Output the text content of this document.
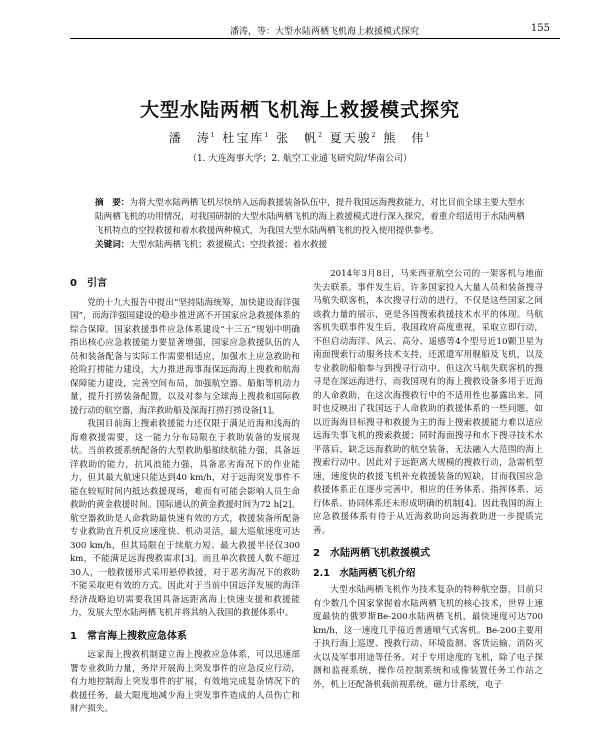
潘涛，等：大型水陆两栖飞机海上救援模式探究	155
大型水陆两栖飞机海上救援模式探究
潘　涛$^1$ 杜宝库$^1$ 张　帆$^2$ 夏天骏$^2$ 熊　伟$^1$
（1. 大连海事大学；2. 航空工业通飞研究院/华南公司）

摘　要：为将大型水陆两栖飞机尽快纳入远海救援装备队伍中，提升我国远海搜救能力，对比目前全球主要大型水陆两栖飞机的功用情况，对我国研制的大型水陆两栖飞机的海上救援模式进行深入探究，着重介绍适用于水陆两栖飞机特点的空投救援和着水救援两种模式，为我国大型水陆两栖飞机的投入使用提供参考。

关键词：大型水陆两栖飞机；救援模式；空投救援；着水救援

0　引言

党的十九大报告中提出“坚持陆海统筹，加快建设海洋强国”，而海洋强国建设的稳步推进离不开国家应急救援体系的综合保障。国家救援事件应急体系建设“十三五”规划中明确指出核心应急救援能力要显著增强，国家应急救援队伍的人员和装备配备与实际工作需要相适应，加强水上应急救助和抢险打捞能力建设，大力推进海事海保远海海上搜救和航海保障能力建设，完善空间布局，加强航空器、船舶等机动力量，提升打捞装备配置，以及对参与全球海上搜救和国际救援行动的航空器，海洋救助船及深海打捞打捞设备[1]。

我国目前海上搜索救援能力还仅限于满足近海和浅海的海难救援需要，这一能力分布局限在于救助装备的发展现状。当前救援系统配备的大型救助船舶续航能力强，具备远洋救助的能力，抗风浪能力强，具备恶劣海况下的作业能力，但其最大航速只能达到40 km/h，对于远海突发事件不能在较短时间内抵达救援现场，难而有可能会影响人员生命救助的黄金救援时间。国际通认的黄金救援时间为72 h[2]。航空器救助是人命救助最快速有效的方式，救援装备所配备专业救助直升机反应速度快、机动灵活，最大巡航速度可达300 km/h，但其局限在于续航力短、最大救援半径仅300 km，不能满足远海搜救需求[3]。而且单次救援人数不超过30人，一般救援形式采用悬停救援，对于恶劣海况下的救助不能采取更有效的方式。因此对于当前中国远洋发展的海洋经济战略迫切需要我国具备远距离海上快速支援和救援能力，发展大型水陆两栖飞机并将其纳入我国的救援体系中。

1　常言海上搜救应急体系

远家海上搜救机制建立海上搜救应急体系，可以迅速部署专业救助力量，务岸开展海上突发事件的应急反应行动，有力地控制海上突发事件的扩展，有效地完成复杂情况下的救援任务，最大限度地减少海上突发事件造成的人员伤亡和财产损失。

2014年3月8日，马来西亚航空公司的一架客机与地面失去联系。事件发生后，许多国家投入大量人员和装备搜寻马航失联客机，本次搜寻行动的进行，不仅是这些国家之间该救力量的展示，更是各国搜索救援技术水平的体现。马航客机失联事件发生后，我国政府高度重视，采取立即行动，不但启动海洋、风云、高分、遥感等4个型号近10颗卫星为南面搜索行动服务技术支持，还派遣军用舰船及飞机，以及专业救助船舶参与到搜寻行动中。但这次马航失联客机的搜寻是在深远海进行，而我国现有的海上搜救设备多用于近海的人命救助，在这次海搜救行中的不适用性也暴露出来。同时也反映出了我国远于人命救助的救援体系的一些问题，如以近海海目标搜寻和救援为主的海上搜索救援能力难以适应远海失事飞机的搜索救援；同时海面搜寻和水下搜寻技术水平落后，缺乏远海救助的航空装备，无法融入大范围的海上搜索行动中。因此对于远距离大规模的搜救行动，急需机型速，速度快的救援飞机补充救援装备的短缺，甘而我国应急救援体系正在逐步完善中，相应的任务体系、指挥体系、运行体系、协同体系还未形成明确的机制[4]。因此我国的海上应急救援体系有待于从近海救助向远海救助进一步提质完善。

2　水陆两栖飞机救援模式
2.1　水陆两栖飞机介绍

大型水陆两栖飞机作为技术复杂的特种航空器，目前只有少数几个国家掌握着水陆两栖飞机的核心技术，世界上速度最快的俄罗斯Be-200水陆两栖飞机，最快速度可达700 km/h，这一速度几乎接近普通喷气式客机。Be-200主要用于执行海上巡逻、搜救行动、环境监测、客货运输、消防灭火以及军事用途等任务。对于专用途度的飞机，除了电子探测和监视系统，操作员控制系统和成像装置任务工作站之外，机上还配备机载前视系统，磁力计系统，电子
